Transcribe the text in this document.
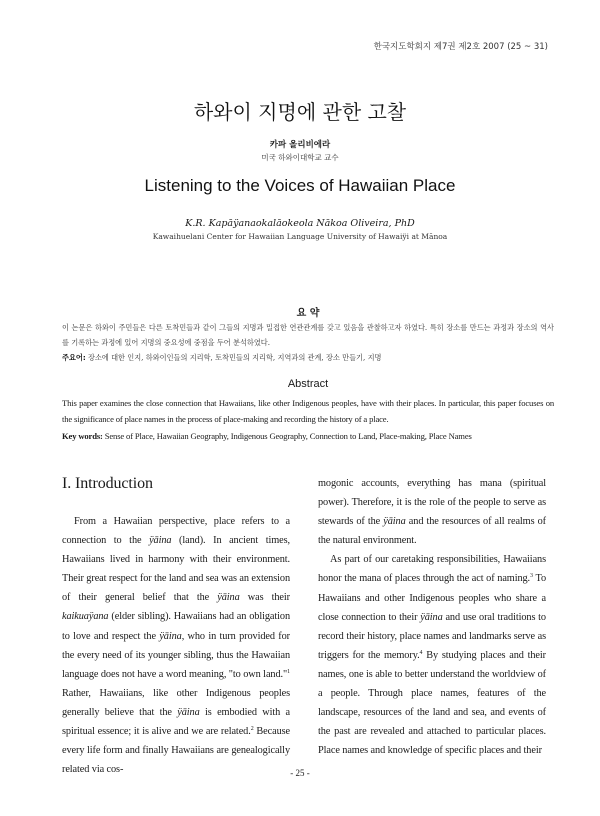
한국지도학회지 제7권 제2호 2007 (25 ~ 31)
하와이 지명에 관한 고찰
카파 올리비에라
미국 하와이대학교 교수
Listening to the Voices of Hawaiian Place
K.R. Kapāÿanaokalāokeola Nākoa Oliveira, PhD
Kawaihuelani Center for Hawaiian Language University of Hawaiÿi at Mānoa
요 약
이 논문은 하와이 주민들은 다른 토착민들과 같이 그들의 지명과 밀접한 연관관계를 갖고 있음을 관찰하고자 하였다. 특히 장소를 만드는 과정과 장소의 역사를 기록하는 과정에 있어 지명의 중요성에 중점을 두어 분석하였다.
주요어: 장소에 대한 인지, 하와이인들의 지리학, 토착민들의 지리학, 지역과의 관계, 장소 만들기, 지명
Abstract
This paper examines the close connection that Hawaiians, like other Indigenous peoples, have with their places. In particular, this paper focuses on the significance of place names in the process of place-making and recording the history of a place.
Key words: Sense of Place, Hawaiian Geography, Indigenous Geography, Connection to Land, Place-making, Place Names
I. Introduction

From a Hawaiian perspective, place refers to a connection to the ÿāina (land). In ancient times, Hawaiians lived in harmony with their environment. Their great respect for the land and sea was an extension of their general belief that the ÿāina was their kaikuaÿana (elder sibling). Hawaiians had an obligation to love and respect the ÿāina, who in turn provided for the every need of its younger sibling, thus the Hawaiian language does not have a word meaning, "to own land."$^1$ Rather, Hawaiians, like other Indigenous peoples generally believe that the ÿāina is embodied with a spiritual essence; it is alive and we are related.$^2$ Because every life form and finally Hawaiians are genealogically related via cos-

mogonic accounts, everything has mana (spiritual power). Therefore, it is the role of the people to serve as stewards of the ÿāina and the resources of all realms of the natural environment.

As part of our caretaking responsibilities, Hawaiians honor the mana of places through the act of naming.$^3$ To Hawaiians and other Indigenous peoples who share a close connection to their ÿāina and use oral traditions to record their history, place names and landmarks serve as triggers for the memory.$^4$ By studying places and their names, one is able to better understand the worldview of a people. Through place names, features of the landscape, resources of the land and sea, and events of the past are revealed and attached to particular places. Place names and knowledge of specific places and their

- 25 -
